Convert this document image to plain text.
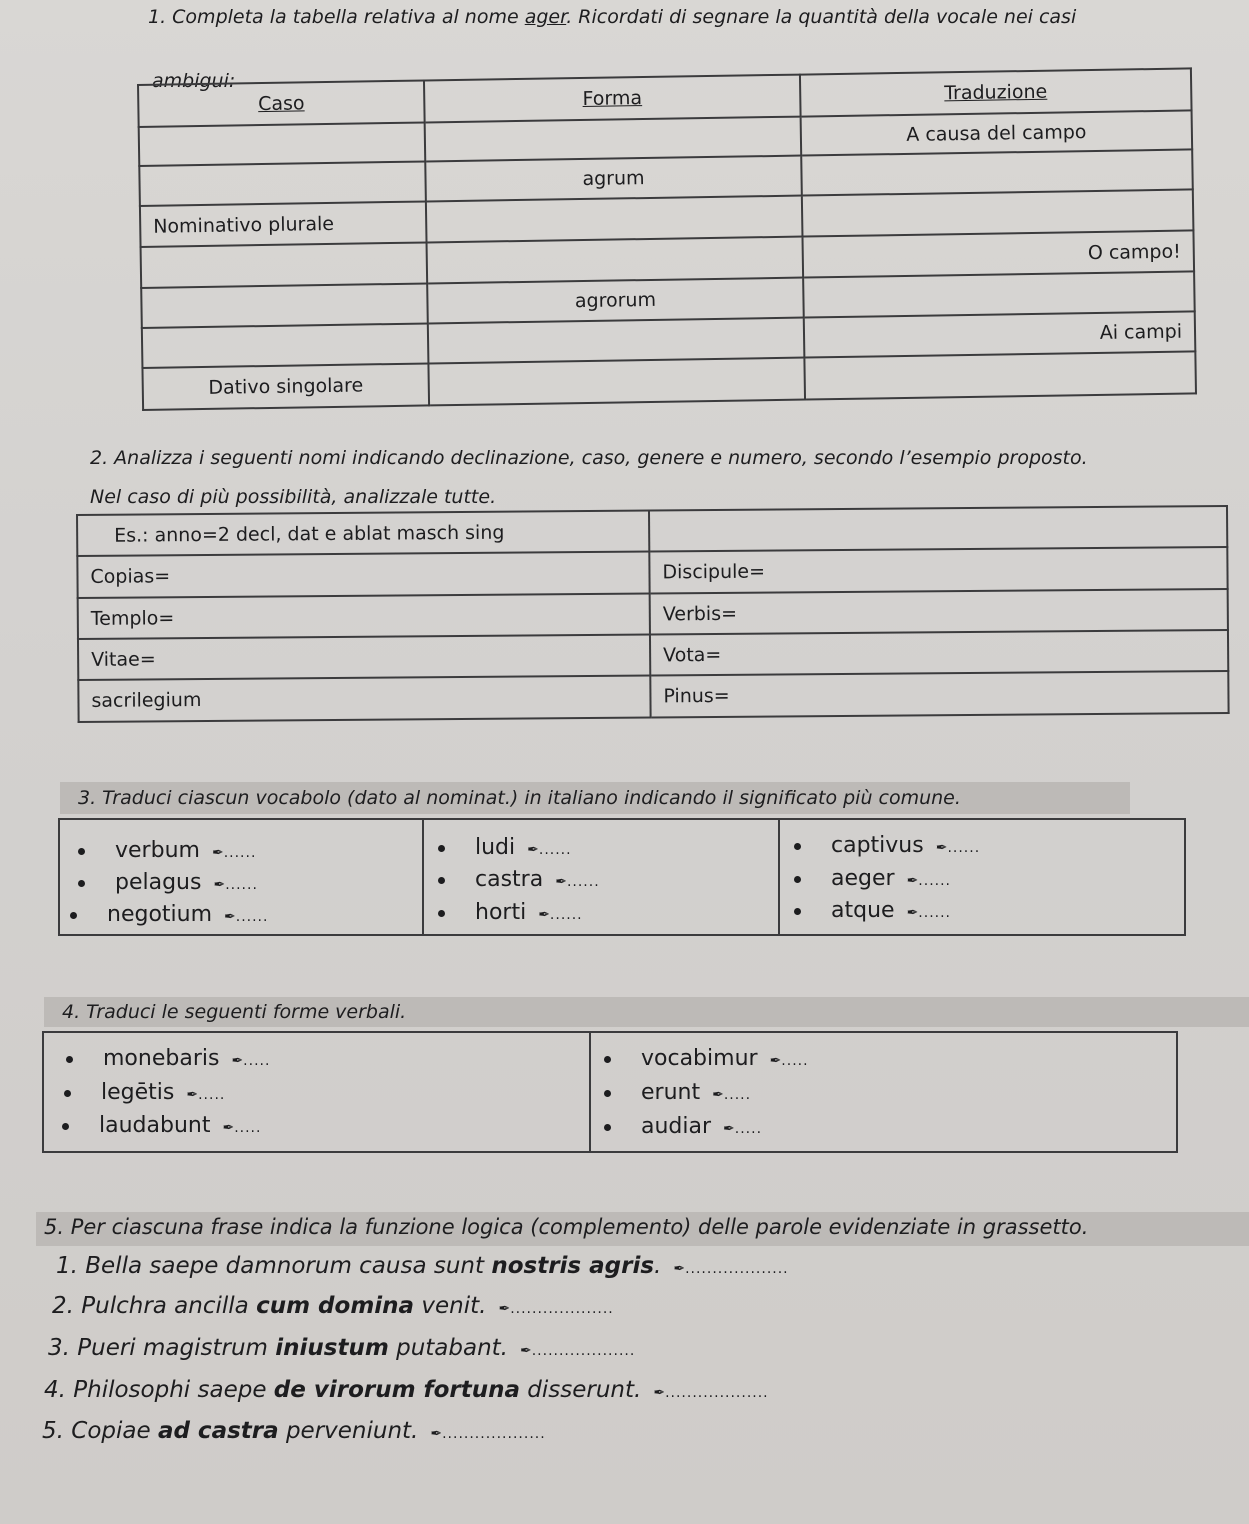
1. Completa la tabella relativa al nome ager. Ricordati di segnare la quantità della vocale nei casi
ambigui:
Caso	Forma	Traduzione
		A causa del campo
	agrum	
Nominativo plurale		
		O campo!
	agrorum	
		Ai campi
Dativo singolare		
2. Analizza i seguenti nomi indicando declinazione, caso, genere e numero, secondo l’esempio proposto.
Nel caso di più possibilità, analizzale tutte.
Es.: anno=2 decl, dat e ablat masch sing	
Copias=	Discipule=
Templo=	Verbis=
Vitae=	Vota=
sacrilegium	Pinus=
3. Traduci ciascun vocabolo (dato al nominat.) in italiano indicando il significato più comune.
verbum ✒......
pelagus ✒......
negotium ✒......
ludi ✒......
castra ✒......
horti ✒......
captivus ✒......
aeger ✒......
atque ✒......
4. Traduci le seguenti forme verbali.
monebaris ✒.....
legētis ✒.....
laudabunt ✒.....
vocabimur ✒.....
erunt ✒.....
audiar ✒.....
5. Per ciascuna frase indica la funzione logica (complemento) delle parole evidenziate in grassetto.
1. Bella saepe damnorum causa sunt nostris agris. ✒...................
2. Pulchra ancilla cum domina venit. ✒...................
3. Pueri magistrum iniustum putabant. ✒...................
4. Philosophi saepe de virorum fortuna disserunt. ✒...................
5. Copiae ad castra perveniunt. ✒...................
